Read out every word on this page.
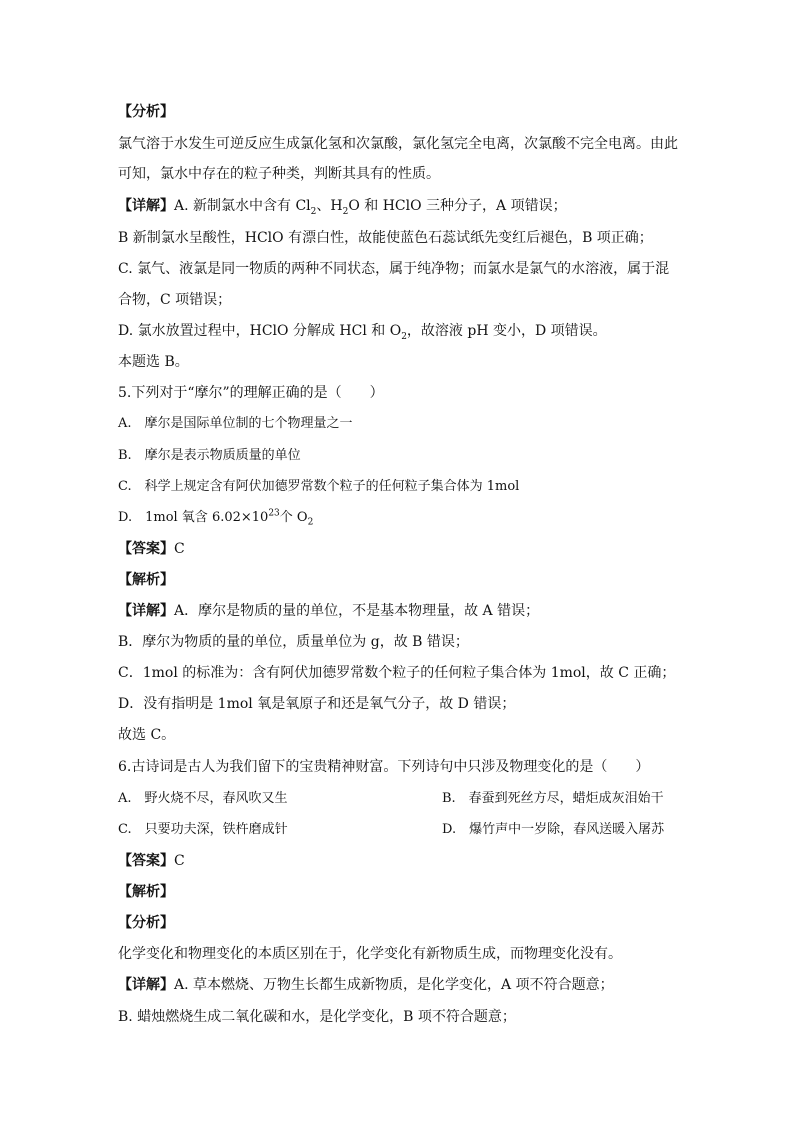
【分析】
氯气溶于水发生可逆反应生成氯化氢和次氯酸，氯化氢完全电离，次氯酸不完全电离。由此
可知，氯水中存在的粒子种类，判断其具有的性质。
【详解】A. 新制氯水中含有 $Cl_2$、$H_2O$ 和 HClO 三种分子，A 项错误；
B 新制氯水呈酸性，HClO 有漂白性，故能使蓝色石蕊试纸先变红后褪色，B 项正确；
C. 氯气、液氯是同一物质的两种不同状态，属于纯净物；而氯水是氯气的水溶液，属于混
合物，C 项错误；
D. 氯水放置过程中，HClO 分解成 HCl 和 $O_2$，故溶液 pH 变小，D 项错误。
本题选 B。
5.下列对于“摩尔”的理解正确的是（　　）
A.　摩尔是国际单位制的七个物理量之一
B.　摩尔是表示物质质量的单位
C.　科学上规定含有阿伏加德罗常数个粒子的任何粒子集合体为 1mol
D.　1mol 氧含 $6.02\times 10^{23}$个 $O_2$
【答案】C
【解析】
【详解】A．摩尔是物质的量的单位，不是基本物理量，故 A 错误；
B．摩尔为物质的量的单位，质量单位为 g，故 B 错误；
C．1mol 的标准为：含有阿伏加德罗常数个粒子的任何粒子集合体为 1mol，故 C 正确；
D．没有指明是 1mol 氧是氧原子和还是氧气分子，故 D 错误；
故选 C。
6.古诗词是古人为我们留下的宝贵精神财富。下列诗句中只涉及物理变化的是（　　）
A.　野火烧不尽，春风吹又生	B.　春蚕到死丝方尽，蜡炬成灰泪始干
C.　只要功夫深，铁杵磨成针	D.　爆竹声中一岁除，春风送暖入屠苏
【答案】C
【解析】
【分析】
化学变化和物理变化的本质区别在于，化学变化有新物质生成，而物理变化没有。
【详解】A. 草本燃烧、万物生长都生成新物质，是化学变化，A 项不符合题意；
B. 蜡烛燃烧生成二氧化碳和水，是化学变化，B 项不符合题意；
